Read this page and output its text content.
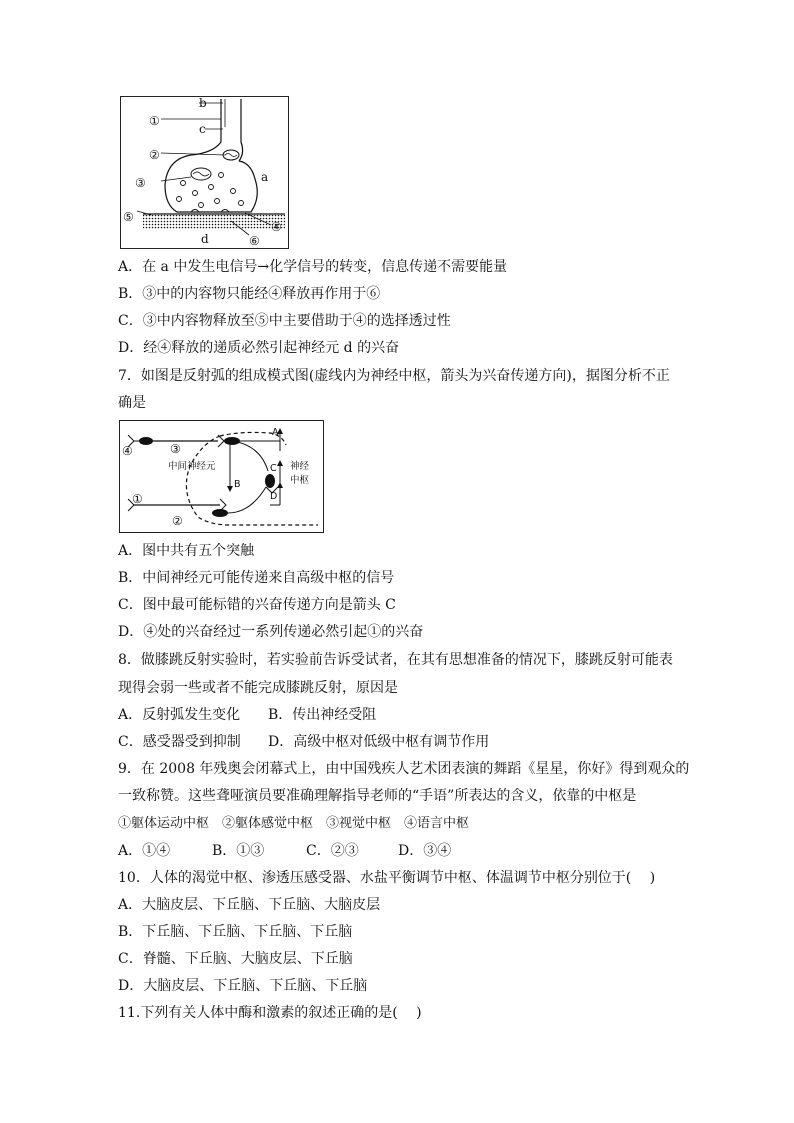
①
b
c
②
③	a
⑤
④
d	⑥
A．在 a 中发生电信号→化学信号的转变，信息传递不需要能量
B．③中的内容物只能经④释放再作用于⑥
C．③中内容物释放至⑤中主要借助于④的选择透过性
D．经④释放的递质必然引起神经元 d 的兴奋
7．如图是反射弧的组成模式图(虚线内为神经中枢，箭头为兴奋传递方向)，据图分析不正
确是
④	③
①
②
中间神经元
A
B
C
D
神经
中枢
A．图中共有五个突触
B．中间神经元可能传递来自高级中枢的信号
C．图中最可能标错的兴奋传递方向是箭头 C
D．④处的兴奋经过一系列传递必然引起①的兴奋
8．做膝跳反射实验时，若实验前告诉受试者，在其有思想准备的情况下，膝跳反射可能表
现得会弱一些或者不能完成膝跳反射，原因是
A．反射弧发生变化 B．传出神经受阻
C．感受器受到抑制 D．高级中枢对低级中枢有调节作用
9．在 2008 年残奥会闭幕式上，由中国残疾人艺术团表演的舞蹈《星星，你好》得到观众的
一致称赞。这些聋哑演员要准确理解指导老师的“手语”所表达的含义，依靠的中枢是
①躯体运动中枢　②躯体感觉中枢　③视觉中枢　④语言中枢
A．①④	B．①③	C．②③	D．③④
10．人体的渴觉中枢、渗透压感受器、水盐平衡调节中枢、体温调节中枢分别位于(　 )
A．大脑皮层、下丘脑、下丘脑、大脑皮层
B．下丘脑、下丘脑、下丘脑、下丘脑
C．脊髓、下丘脑、大脑皮层、下丘脑
D．大脑皮层、下丘脑、下丘脑、下丘脑
11.下列有关人体中酶和激素的叙述正确的是(　 )
